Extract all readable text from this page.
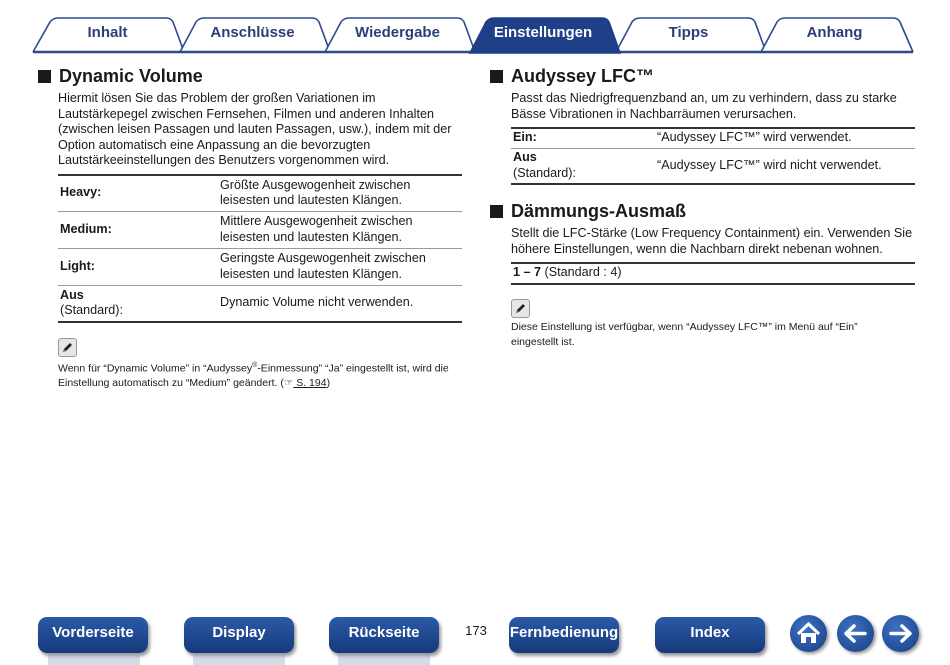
Inhalt	Anschlüsse	Wiedergabe	Einstellungen	Tipps	Anhang
Dynamic Volume
Hiermit lösen Sie das Problem der großen Variationen im Lautstärkepegel zwischen Fernsehen, Filmen und anderen Inhalten (zwischen leisen Passagen und lauten Passagen, usw.), indem mit der Option automatisch eine Anpassung an die bevorzugten Lautstärkeeinstellungen des Benutzers vorgenommen wird.
Heavy:	Größte Ausgewogenheit zwischen leisesten und lautesten Klängen.
Medium:	Mittlere Ausgewogenheit zwischen leisesten und lautesten Klängen.
Light:	Geringste Ausgewogenheit zwischen leisesten und lautesten Klängen.
Aus
(Standard):	Dynamic Volume nicht verwenden.
Wenn für “Dynamic Volume” in “Audyssey®-Einmessung” “Ja” eingestellt ist, wird die Einstellung automatisch zu “Medium” geändert. (☞ S. 194)
Audyssey LFC™
Passt das Niedrigfrequenzband an, um zu verhindern, dass zu starke Bässe Vibrationen in Nachbarräumen verursachen.
Ein:	“Audyssey LFC™” wird verwendet.
Aus
(Standard):	“Audyssey LFC™” wird nicht verwendet.
Dämmungs-Ausmaß
Stellt die LFC-Stärke (Low Frequency Containment) ein. Verwenden Sie höhere Einstellungen, wenn die Nachbarn direkt nebenan wohnen.
1 – 7 (Standard : 4)
Diese Einstellung ist verfügbar, wenn “Audyssey LFC™” im Menü auf “Ein” eingestellt ist.
Vorderseite	Display	Rückseite	173	Fernbedienung	Index
